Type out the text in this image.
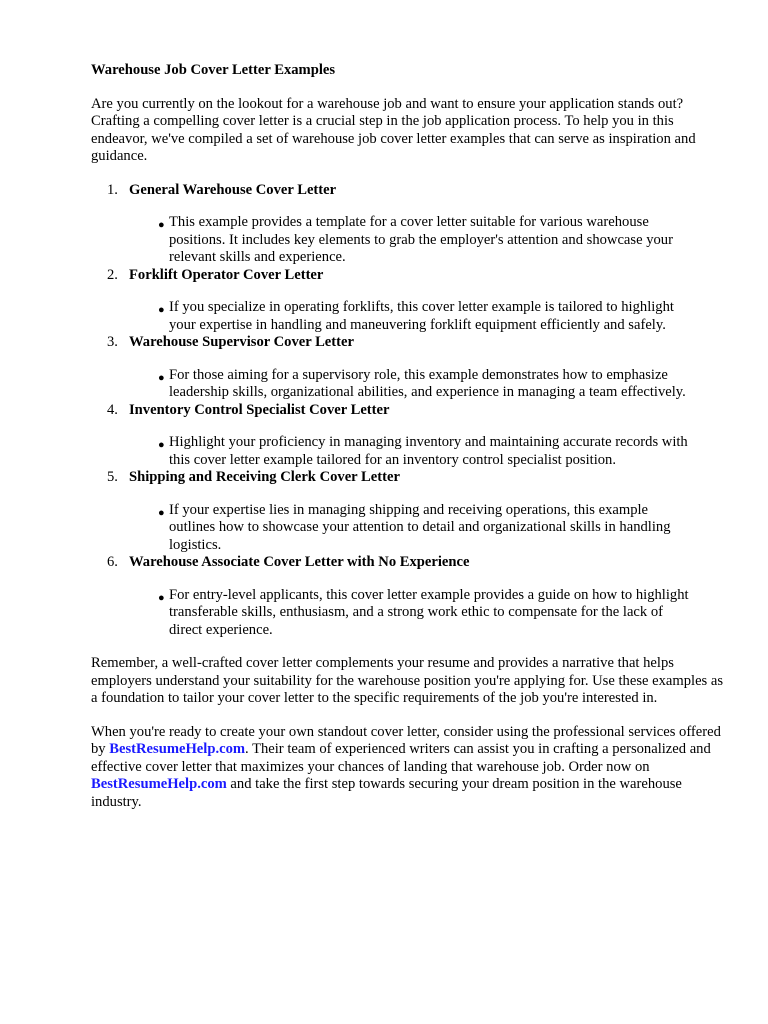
Warehouse Job Cover Letter Examples

Are you currently on the lookout for a warehouse job and want to ensure your application stands out? Crafting a compelling cover letter is a crucial step in the job application process. To help you in this endeavor, we've compiled a set of warehouse job cover letter examples that can serve as inspiration and guidance.

1. General Warehouse Cover Letter
● This example provides a template for a cover letter suitable for various warehouse positions. It includes key elements to grab the employer's attention and showcase your relevant skills and experience.
2. Forklift Operator Cover Letter
● If you specialize in operating forklifts, this cover letter example is tailored to highlight your expertise in handling and maneuvering forklift equipment efficiently and safely.
3. Warehouse Supervisor Cover Letter
● For those aiming for a supervisory role, this example demonstrates how to emphasize leadership skills, organizational abilities, and experience in managing a team effectively.
4. Inventory Control Specialist Cover Letter
● Highlight your proficiency in managing inventory and maintaining accurate records with this cover letter example tailored for an inventory control specialist position.
5. Shipping and Receiving Clerk Cover Letter
● If your expertise lies in managing shipping and receiving operations, this example outlines how to showcase your attention to detail and organizational skills in handling logistics.
6. Warehouse Associate Cover Letter with No Experience
● For entry-level applicants, this cover letter example provides a guide on how to highlight transferable skills, enthusiasm, and a strong work ethic to compensate for the lack of direct experience.

Remember, a well-crafted cover letter complements your resume and provides a narrative that helps employers understand your suitability for the warehouse position you're applying for. Use these examples as a foundation to tailor your cover letter to the specific requirements of the job you're interested in.

When you're ready to create your own standout cover letter, consider using the professional services offered by BestResumeHelp.com. Their team of experienced writers can assist you in crafting a personalized and effective cover letter that maximizes your chances of landing that warehouse job. Order now on BestResumeHelp.com and take the first step towards securing your dream position in the warehouse industry.
